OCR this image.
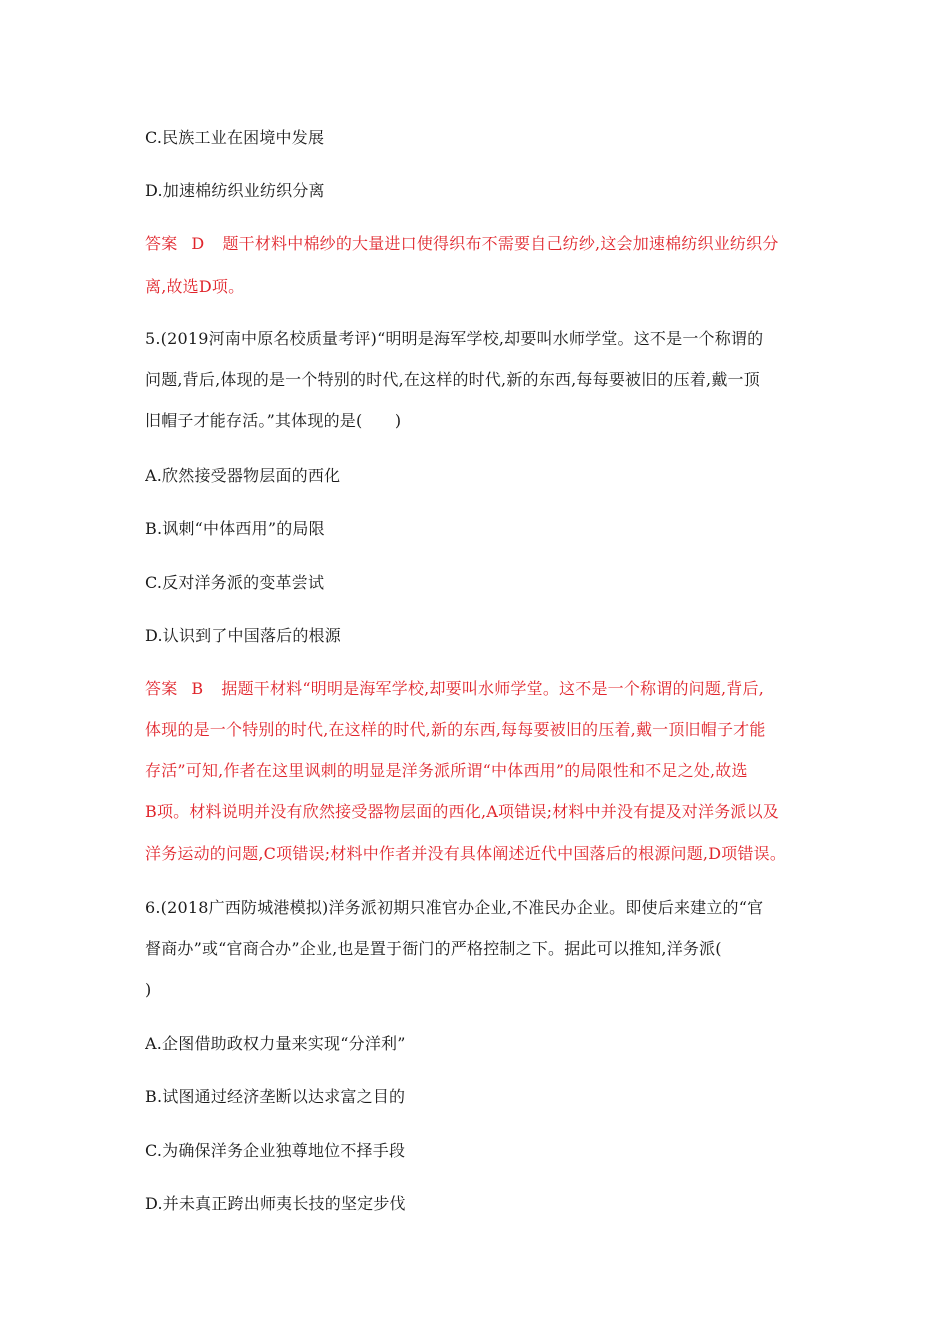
C.民族工业在困境中发展
D.加速棉纺织业纺织分离
答案 D 题干材料中棉纱的大量进口使得织布不需要自己纺纱,这会加速棉纺织业纺织分
离,故选D项。
5.(2019河南中原名校质量考评)“明明是海军学校,却要叫水师学堂。这不是一个称谓的
问题,背后,体现的是一个特别的时代,在这样的时代,新的东西,每每要被旧的压着,戴一顶
旧帽子才能存活。”其体现的是(　　)
A.欣然接受器物层面的西化
B.讽刺“中体西用”的局限
C.反对洋务派的变革尝试
D.认识到了中国落后的根源
答案 B 据题干材料“明明是海军学校,却要叫水师学堂。这不是一个称谓的问题,背后,
体现的是一个特别的时代,在这样的时代,新的东西,每每要被旧的压着,戴一顶旧帽子才能
存活”可知,作者在这里讽刺的明显是洋务派所谓“中体西用”的局限性和不足之处,故选
B项。材料说明并没有欣然接受器物层面的西化,A项错误;材料中并没有提及对洋务派以及
洋务运动的问题,C项错误;材料中作者并没有具体阐述近代中国落后的根源问题,D项错误。
6.(2018广西防城港模拟)洋务派初期只准官办企业,不准民办企业。即使后来建立的“官
督商办”或“官商合办”企业,也是置于衙门的严格控制之下。据此可以推知,洋务派(
)
A.企图借助政权力量来实现“分洋利”
B.试图通过经济垄断以达求富之目的
C.为确保洋务企业独尊地位不择手段
D.并未真正跨出师夷长技的坚定步伐
